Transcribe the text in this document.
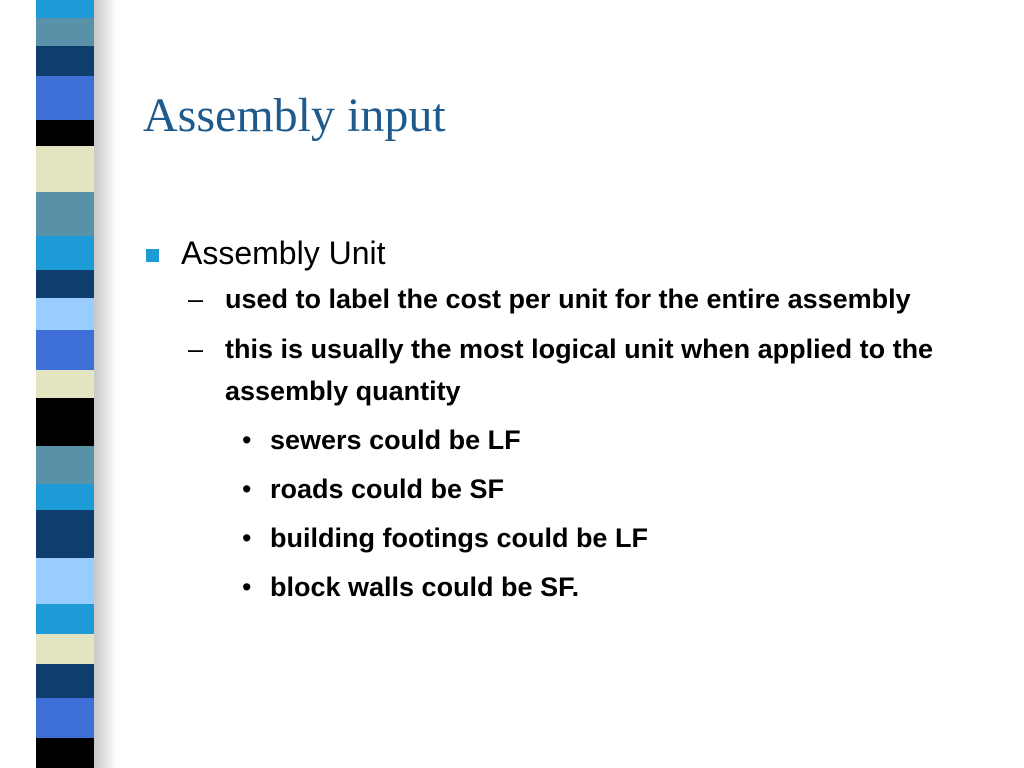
Assembly input

Assembly Unit

– used to label the cost per unit for the entire assembly

– this is usually the most logical unit when applied to the assembly quantity

• sewers could be LF

• roads could be SF

• building footings could be LF

• block walls could be SF.
